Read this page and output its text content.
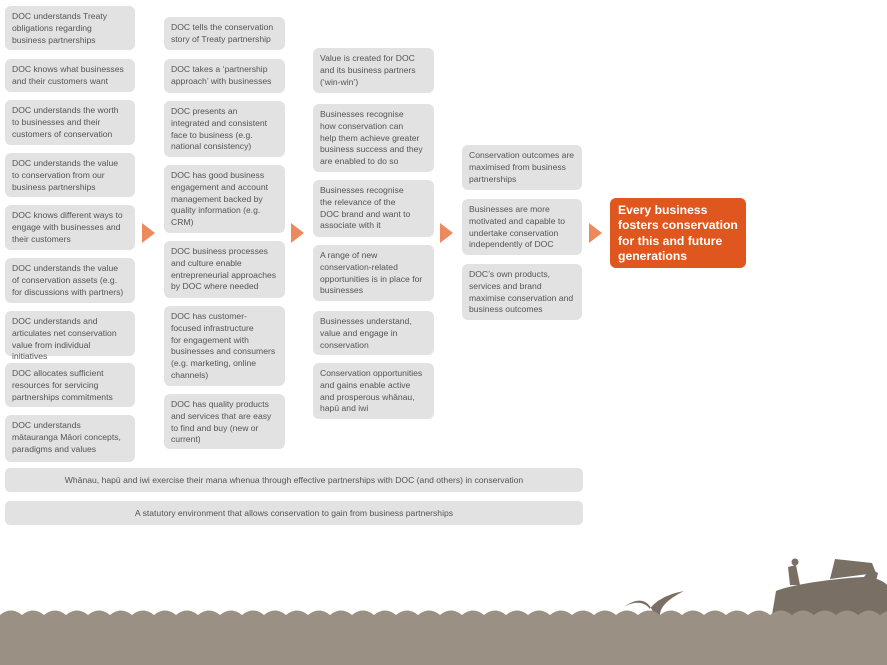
DOC understands Treaty
obligations regarding
business partnerships
DOC knows what businesses
and their customers want
DOC understands the worth
to businesses and their
customers of conservation
DOC understands the value
to conservation from our
business partnerships
DOC knows different ways to
engage with businesses and
their customers
DOC understands the value
of conservation assets (e.g.
for discussions with partners)
DOC understands and
articulates net conservation
value from individual initiatives
DOC allocates sufficient
resources for servicing
partnerships commitments
DOC understands
mātauranga Māori concepts,
paradigms and values
DOC tells the conservation
story of Treaty partnership
DOC takes a ‘partnership
approach’ with businesses
DOC presents an
integrated and consistent
face to business (e.g.
national consistency)
DOC has good business
engagement and account
management backed by
quality information (e.g.
CRM)
DOC business processes
and culture enable
entrepreneurial approaches
by DOC where needed
DOC has customer-
focused infrastructure
for engagement with
businesses and consumers
(e.g. marketing, online
channels)
DOC has quality products
and services that are easy
to find and buy (new or
current)
Value is created for DOC
and its business partners
(‘win-win’)
Businesses recognise
how conservation can
help them achieve greater
business success and they
are enabled to do so
Businesses recognise
the relevance of the
DOC brand and want to
associate with it
A range of new
conservation-related
opportunities is in place for
businesses
Businesses understand,
value and engage in
conservation
Conservation opportunities
and gains enable active
and prosperous whānau,
hapū and iwi
Conservation outcomes are
maximised from business
partnerships
Businesses are more
motivated and capable to
undertake conservation
independently of DOC
DOC’s own products,
services and brand
maximise conservation and
business outcomes
Every business
fosters conservation
for this and future
generations
Whānau, hapū and iwi exercise their mana whenua through effective partnerships with DOC (and others) in conservation
A statutory environment that allows conservation to gain from business partnerships
